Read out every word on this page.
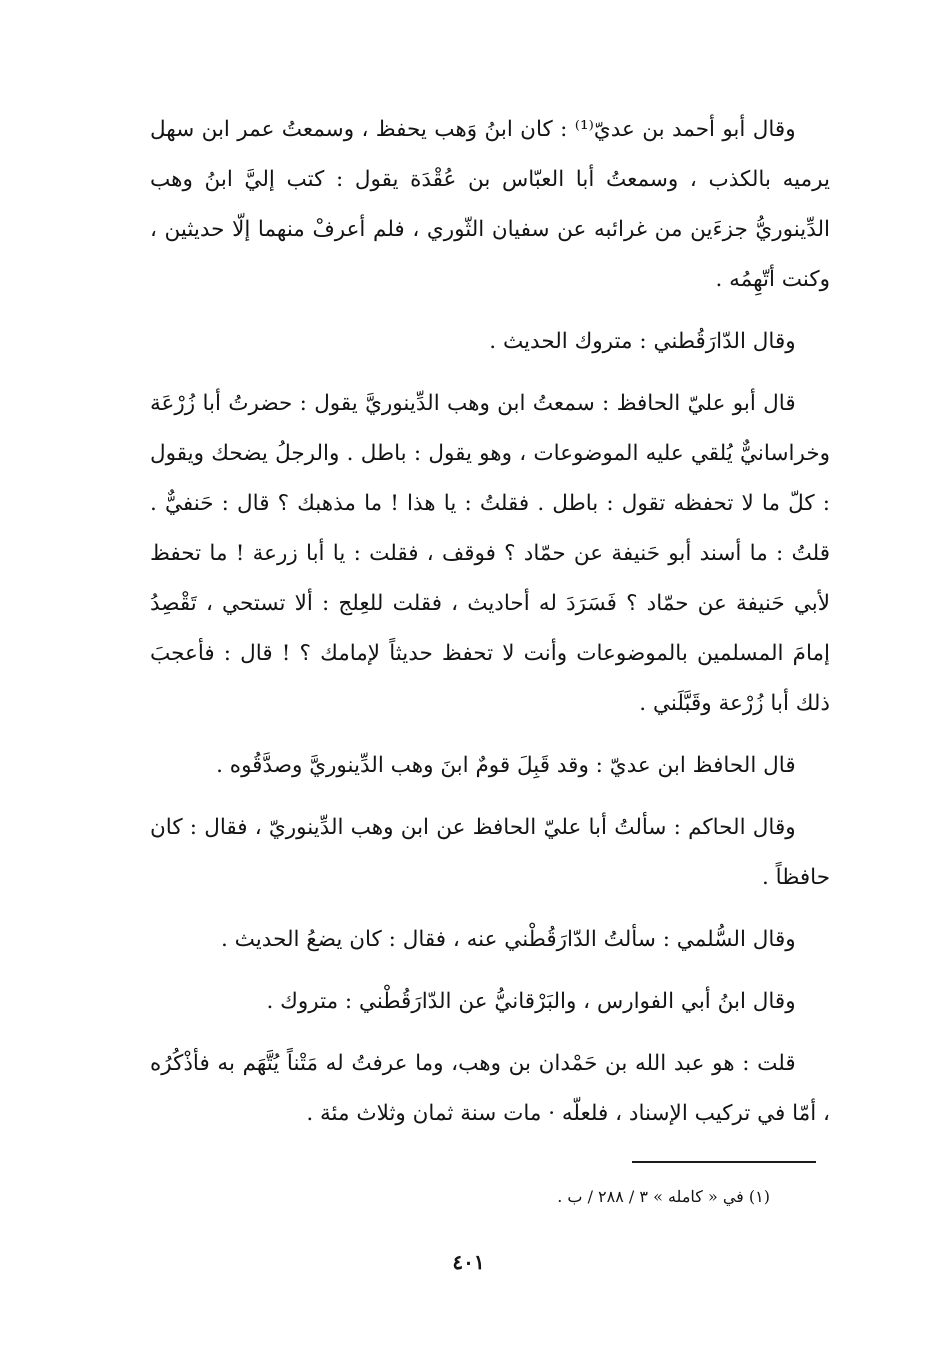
وقال أبو أحمد بن عديّ⁽¹⁾ : كان ابنُ وَهب يحفظ ، وسمعتُ عمر ابن سهل يرميه بالكذب ، وسمعتُ أبا العبّاس بن عُقْدَة يقول : كتب إليَّ ابنُ وهب الدِّينوريُّ جزءَين من غرائبه عن سفيان الثّوري ، فلم أعرفْ منهما إلّا حديثين ، وكنت أتّهِمُه .

وقال الدّارَقُطني : متروك الحديث .

قال أبو عليّ الحافظ : سمعتُ ابن وهب الدِّينوريَّ يقول : حضرتُ أبا زُرْعَة وخراسانيٌّ يُلقي عليه الموضوعات ، وهو يقول : باطل . والرجلُ يضحك ويقول : كلّ ما لا تحفظه تقول : باطل . فقلتُ : يا هذا ! ما مذهبك ؟ قال : حَنفيٌّ . قلتُ : ما أسند أبو حَنيفة عن حمّاد ؟ فوقف ، فقلت : يا أبا زرعة ! ما تحفظ لأبي حَنيفة عن حمّاد ؟ فَسَرَدَ له أحاديث ، فقلت للعِلج : ألا تستحي ، تَقْصِدُ إمامَ المسلمين بالموضوعات وأنت لا تحفظ حديثاً لإمامك ؟ ! قال : فأعجبَ ذلك أبا زُرْعة وقَبَّلَني .

قال الحافظ ابن عديّ : وقد قَبِلَ قومٌ ابنَ وهب الدِّينوريَّ وصدَّقُوه .

وقال الحاكم : سألتُ أبا عليّ الحافظ عن ابن وهب الدِّينوريّ ، فقال : كان حافظاً .

وقال السُّلمي : سألتُ الدّارَقُطْني عنه ، فقال : كان يضعُ الحديث .

وقال ابنُ أبي الفوارس ، والبَرْقانيُّ عن الدّارَقُطْني : متروك .

قلت : هو عبد الله بن حَمْدان بن وهب، وما عرفتُ له مَتْناً يُتَّهَم به فأذْكُرُه ، أمّا في تركيب الإسناد ، فلعلّه · مات سنة ثمان وثلاث مئة .

(١) في « كامله » ٣ / ٢٨٨ / ب .
٤٠١
